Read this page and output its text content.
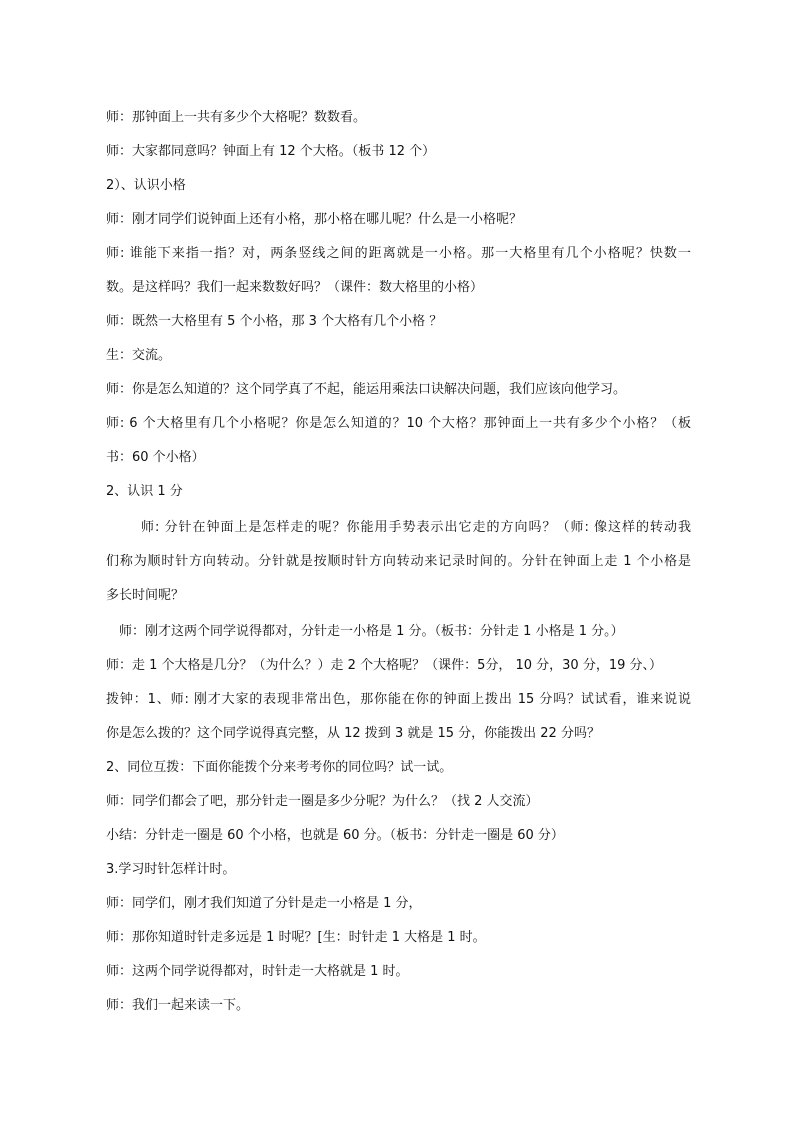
师：那钟面上一共有多少个大格呢？数数看。
师：大家都同意吗？钟面上有 12 个大格。（板书 12 个）
2）、认识小格
师：刚才同学们说钟面上还有小格，那小格在哪儿呢？什么是一小格呢？
师: 谁能下来指一指？对，两条竖线之间的距离就是一小格。那一大格里有几个小格呢？快数一
数。是这样吗？我们一起来数数好吗？（课件：数大格里的小格）
师：既然一大格里有 5 个小格，那 3 个大格有几个小格 ？
生：交流。
师：你是怎么知道的？这个同学真了不起，能运用乘法口诀解决问题，我们应该向他学习。
师: 6 个大格里有几个小格呢？你是怎么知道的？10 个大格？那钟面上一共有多少个小格？（板
书：60 个小格）
2、认识 1 分
师: 分针在钟面上是怎样走的呢？你能用手势表示出它走的方向吗？（师: 像这样的转动我
们称为顺时针方向转动。分针就是按顺时针方向转动来记录时间的。分针在钟面上走 1 个小格是
多长时间呢？
师：刚才这两个同学说得都对，分针走一小格是 1 分。（板书：分针走 1 小格是 1 分。）
师：走 1 个大格是几分？（为什么？）走 2 个大格呢？（课件：5分， 10 分，30 分，19 分、）
拨钟：1、师: 刚才大家的表现非常出色，那你能在你的钟面上拨出 15 分吗？试试看，谁来说说
你是怎么拨的？这个同学说得真完整，从 12 拨到 3 就是 15 分，你能拨出 22 分吗？
2、同位互拨：下面你能拨个分来考考你的同位吗？试一试。
师：同学们都会了吧，那分针走一圈是多少分呢？为什么？（找 2 人交流）
小结：分针走一圈是 60 个小格，也就是 60 分。（板书：分针走一圈是 60 分）
3.学习时针怎样计时。
师：同学们，刚才我们知道了分针是走一小格是 1 分，
师：那你知道时针走多远是 1 时呢？[生：时针走 1 大格是 1 时。
师：这两个同学说得都对，时针走一大格就是 1 时。
师：我们一起来读一下。
